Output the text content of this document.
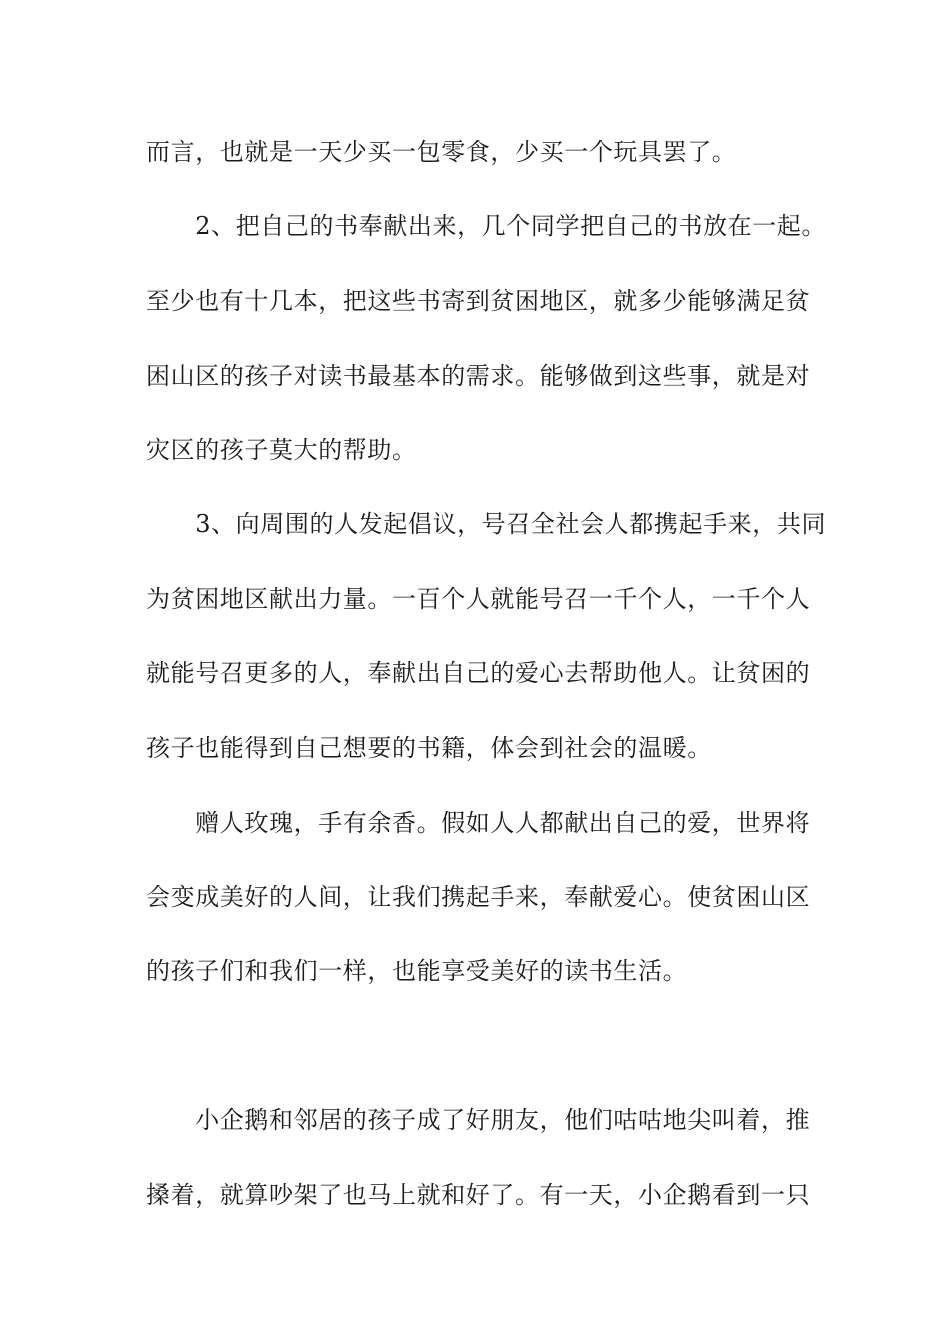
而言，也就是一天少买一包零食，少买一个玩具罢了。
　　2、把自己的书奉献出来，几个同学把自己的书放在一起。
至少也有十几本，把这些书寄到贫困地区，就多少能够满足贫
困山区的孩子对读书最基本的需求。能够做到这些事，就是对
灾区的孩子莫大的帮助。
　　3、向周围的人发起倡议，号召全社会人都携起手来，共同
为贫困地区献出力量。一百个人就能号召一千个人，一千个人
就能号召更多的人，奉献出自己的爱心去帮助他人。让贫困的
孩子也能得到自己想要的书籍，体会到社会的温暖。
　　赠人玫瑰，手有余香。假如人人都献出自己的爱，世界将
会变成美好的人间，让我们携起手来，奉献爱心。使贫困山区
的孩子们和我们一样，也能享受美好的读书生活。
　　小企鹅和邻居的孩子成了好朋友，他们咕咕地尖叫着，推
搡着，就算吵架了也马上就和好了。有一天，小企鹅看到一只
